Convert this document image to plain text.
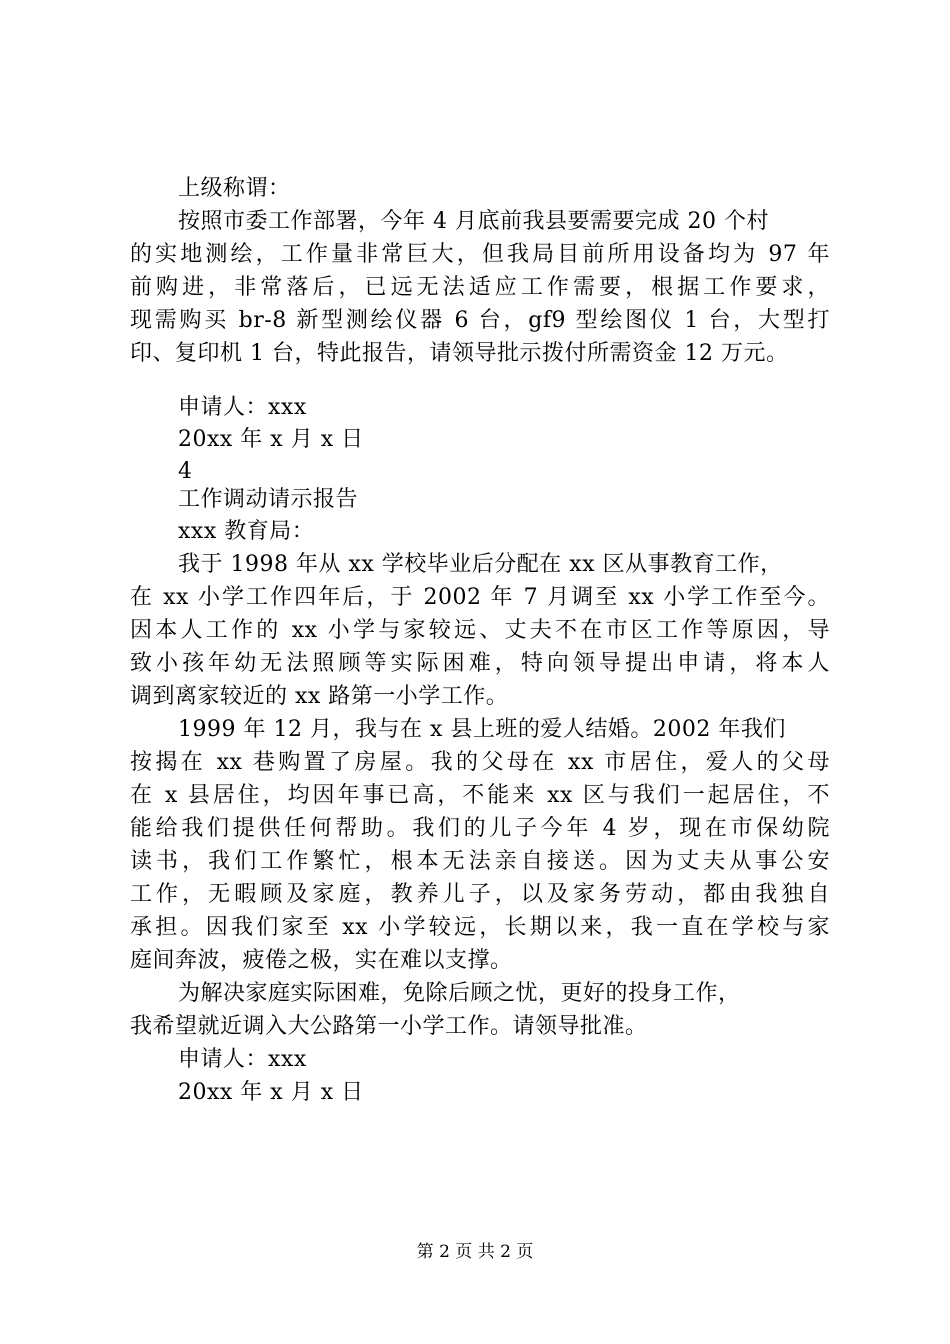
上级称谓：
按照市委工作部署，今年 4 月底前我县要需要完成 20 个村
的实地测绘，工作量非常巨大，但我局目前所用设备均为 97 年
前购进，非常落后，已远无法适应工作需要，根据工作要求，
现需购买 br-8 新型测绘仪器 6 台，gf9 型绘图仪 1 台，大型打
印、复印机 1 台，特此报告，请领导批示拨付所需资金 12 万元。
申请人：xxx
20xx 年 x 月 x 日
4
工作调动请示报告
xxx 教育局：
我于 1998 年从 xx 学校毕业后分配在 xx 区从事教育工作，
在 xx 小学工作四年后，于 2002 年 7 月调至 xx 小学工作至今。
因本人工作的 xx 小学与家较远、丈夫不在市区工作等原因，导
致小孩年幼无法照顾等实际困难，特向领导提出申请，将本人
调到离家较近的 xx 路第一小学工作。
1999 年 12 月，我与在 x 县上班的爱人结婚。2002 年我们
按揭在 xx 巷购置了房屋。我的父母在 xx 市居住，爱人的父母
在 x 县居住，均因年事已高，不能来 xx 区与我们一起居住，不
能给我们提供任何帮助。我们的儿子今年 4 岁，现在市保幼院
读书，我们工作繁忙，根本无法亲自接送。因为丈夫从事公安
工作，无暇顾及家庭，教养儿子，以及家务劳动，都由我独自
承担。因我们家至 xx 小学较远，长期以来，我一直在学校与家
庭间奔波，疲倦之极，实在难以支撑。
为解决家庭实际困难，免除后顾之忧，更好的投身工作，
我希望就近调入大公路第一小学工作。请领导批准。
申请人：xxx
20xx 年 x 月 x 日
第 2 页 共 2 页
